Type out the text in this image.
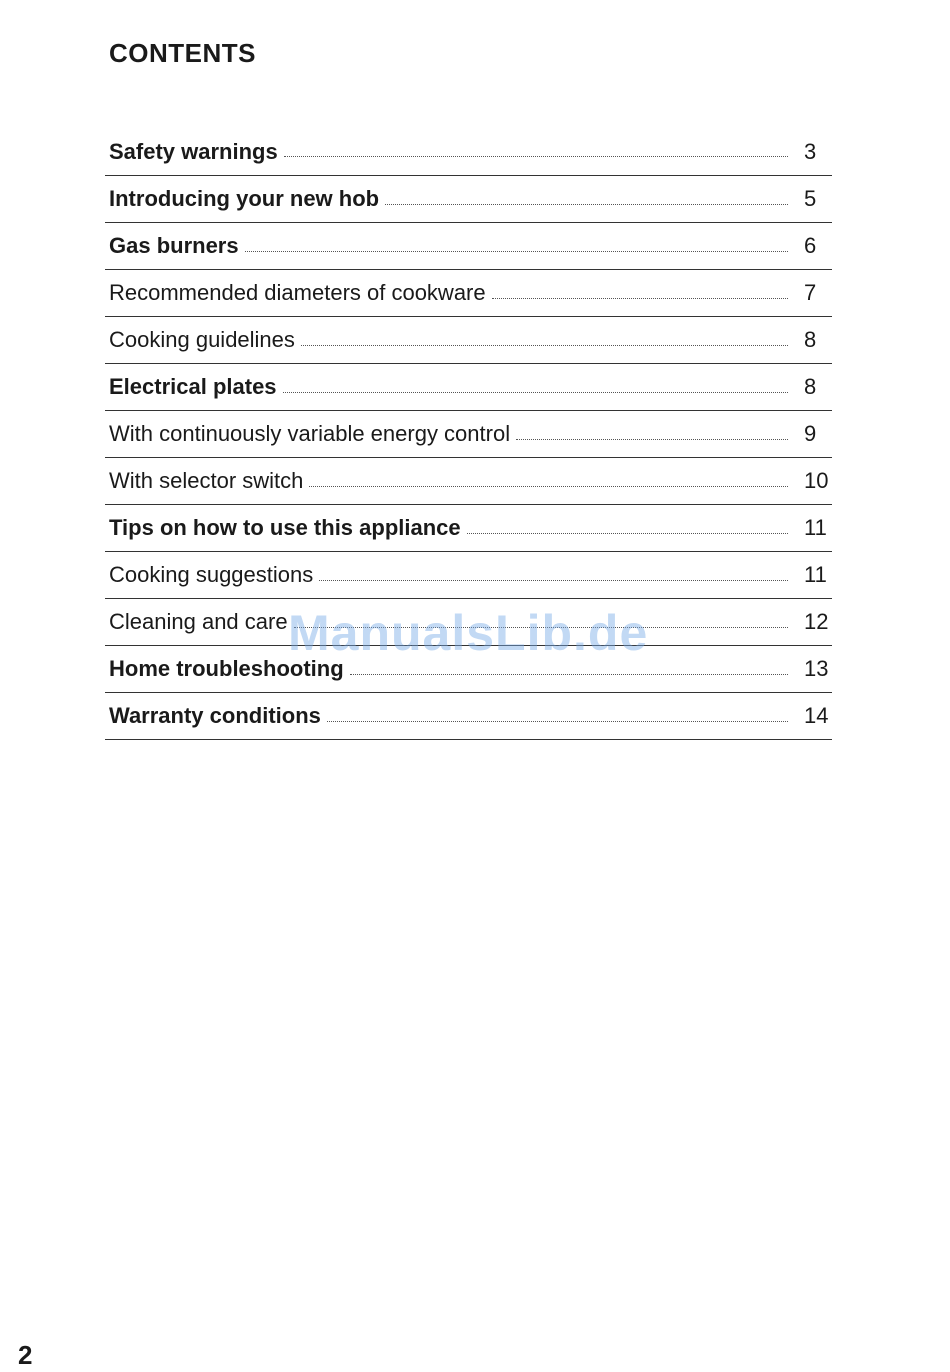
CONTENTS
Safety warnings	3
Introducing your new hob	5
Gas burners	6
Recommended diameters of cookware	7
Cooking guidelines	8
Electrical plates	8
With continuously variable energy control	9
With selector switch	10
Tips on how to use this appliance	11
Cooking suggestions	11
Cleaning and care	12
Home troubleshooting	13
Warranty conditions	14
ManualsLib.de
2
